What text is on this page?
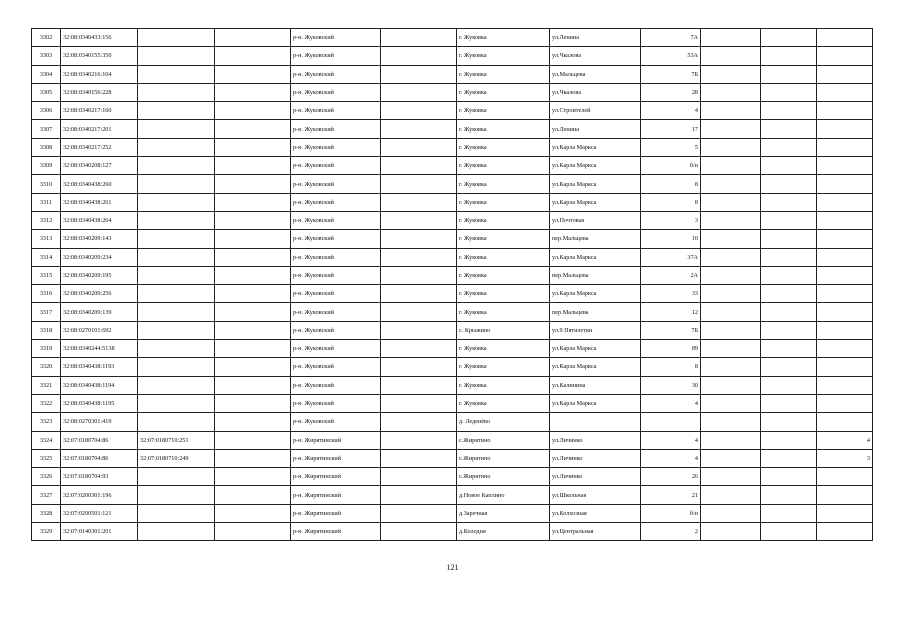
3302	32:08:0340433:156			р-н. Жуковский		г. Жуковка	ул.Ленина	7А			
3303	32:08:0340155:350			р-н. Жуковский		г. Жуковка	ул.Чкалова	53А			
3304	32:08:0340216:104			р-н. Жуковский		г. Жуковка	ул.Мальцева	7Б			
3305	32:08:0340156:228			р-н. Жуковский		г. Жуковка	ул.Чкалова	28			
3306	32:08:0340217:160			р-н. Жуковский		г. Жуковка	ул.Строителей	4			
3307	32:08:0340217:201			р-н. Жуковский		г. Жуковка	ул.Ленина	17			
3308	32:08:0340217:252			р-н. Жуковский		г. Жуковка	ул.Карла Маркса	5			
3309	32:08:0340208:127			р-н. Жуковский		г. Жуковка	ул.Карла Маркса	б/н			
3310	32:08:0340438:260			р-н. Жуковский		г. Жуковка	ул.Карла Маркса	8			
3311	32:08:0340438:261			р-н. Жуковский		г. Жуковка	ул.Карла Маркса	8			
3312	32:08:0340438:264			р-н. Жуковский		г. Жуковка	ул.Почтовая	3			
3313	32:08:0340209:143			р-н. Жуковский		г. Жуковка	пер.Мальцева	10			
3314	32:08:0340209:234			р-н. Жуковский		г. Жуковка	ул.Карла Маркса	37А			
3315	32:08:0340209:195			р-н. Жуковский		г. Жуковка	пер.Мальцева	2А			
3316	32:08:0340209:256			р-н. Жуковский		г. Жуковка	ул.Карла Маркса	33			
3317	32:08:0340209:139			р-н. Жуковский		г. Жуковка	пер.Мальцева	12			
3318	32:08:0270101:692			р-н. Жуковский		с. Крыжино	ул.9 Пятилетки	7Б			
3319	32:08:0340244:5138			р-н. Жуковский		г. Жуковка	ул.Карла Маркса	89			
3320	32:08:0340438:1193			р-н. Жуковский		г. Жуковка	ул.Карла Маркса	8			
3321	32:08:0340438:1194			р-н. Жуковский		г. Жуковка	ул.Калинина	30			
3322	32:08:0340438:1195			р-н. Жуковский		г. Жуковка	ул.Карла Маркса	4			
3323	32:08:0270301:419			р-н. Жуковский		д. Леденёво					
3324	32:07:0180704:86	32:07:0180710:251		р-н. Жирятинский		с.Жирятино	ул.Личинко	4			4
3325	32:07:0180704:86	32:07:0180710:249		р-н. Жирятинский		с.Жирятино	ул.Личинко	4			3
3326	32:07:0180704:93			р-н. Жирятинский		с.Жирятино	ул.Личинко	26			
3327	32:07:0200301:196			р-н. Жирятинский		д.Новое Каплино	ул.Школьная	21			
3328	32:07:0200501:121			р-н. Жирятинский		д.Заречная	ул.Колхозная	б/н			
3329	32:07:0140301:201			р-н. Жирятинский		д.Колодня	ул.Центральная	2			
121
